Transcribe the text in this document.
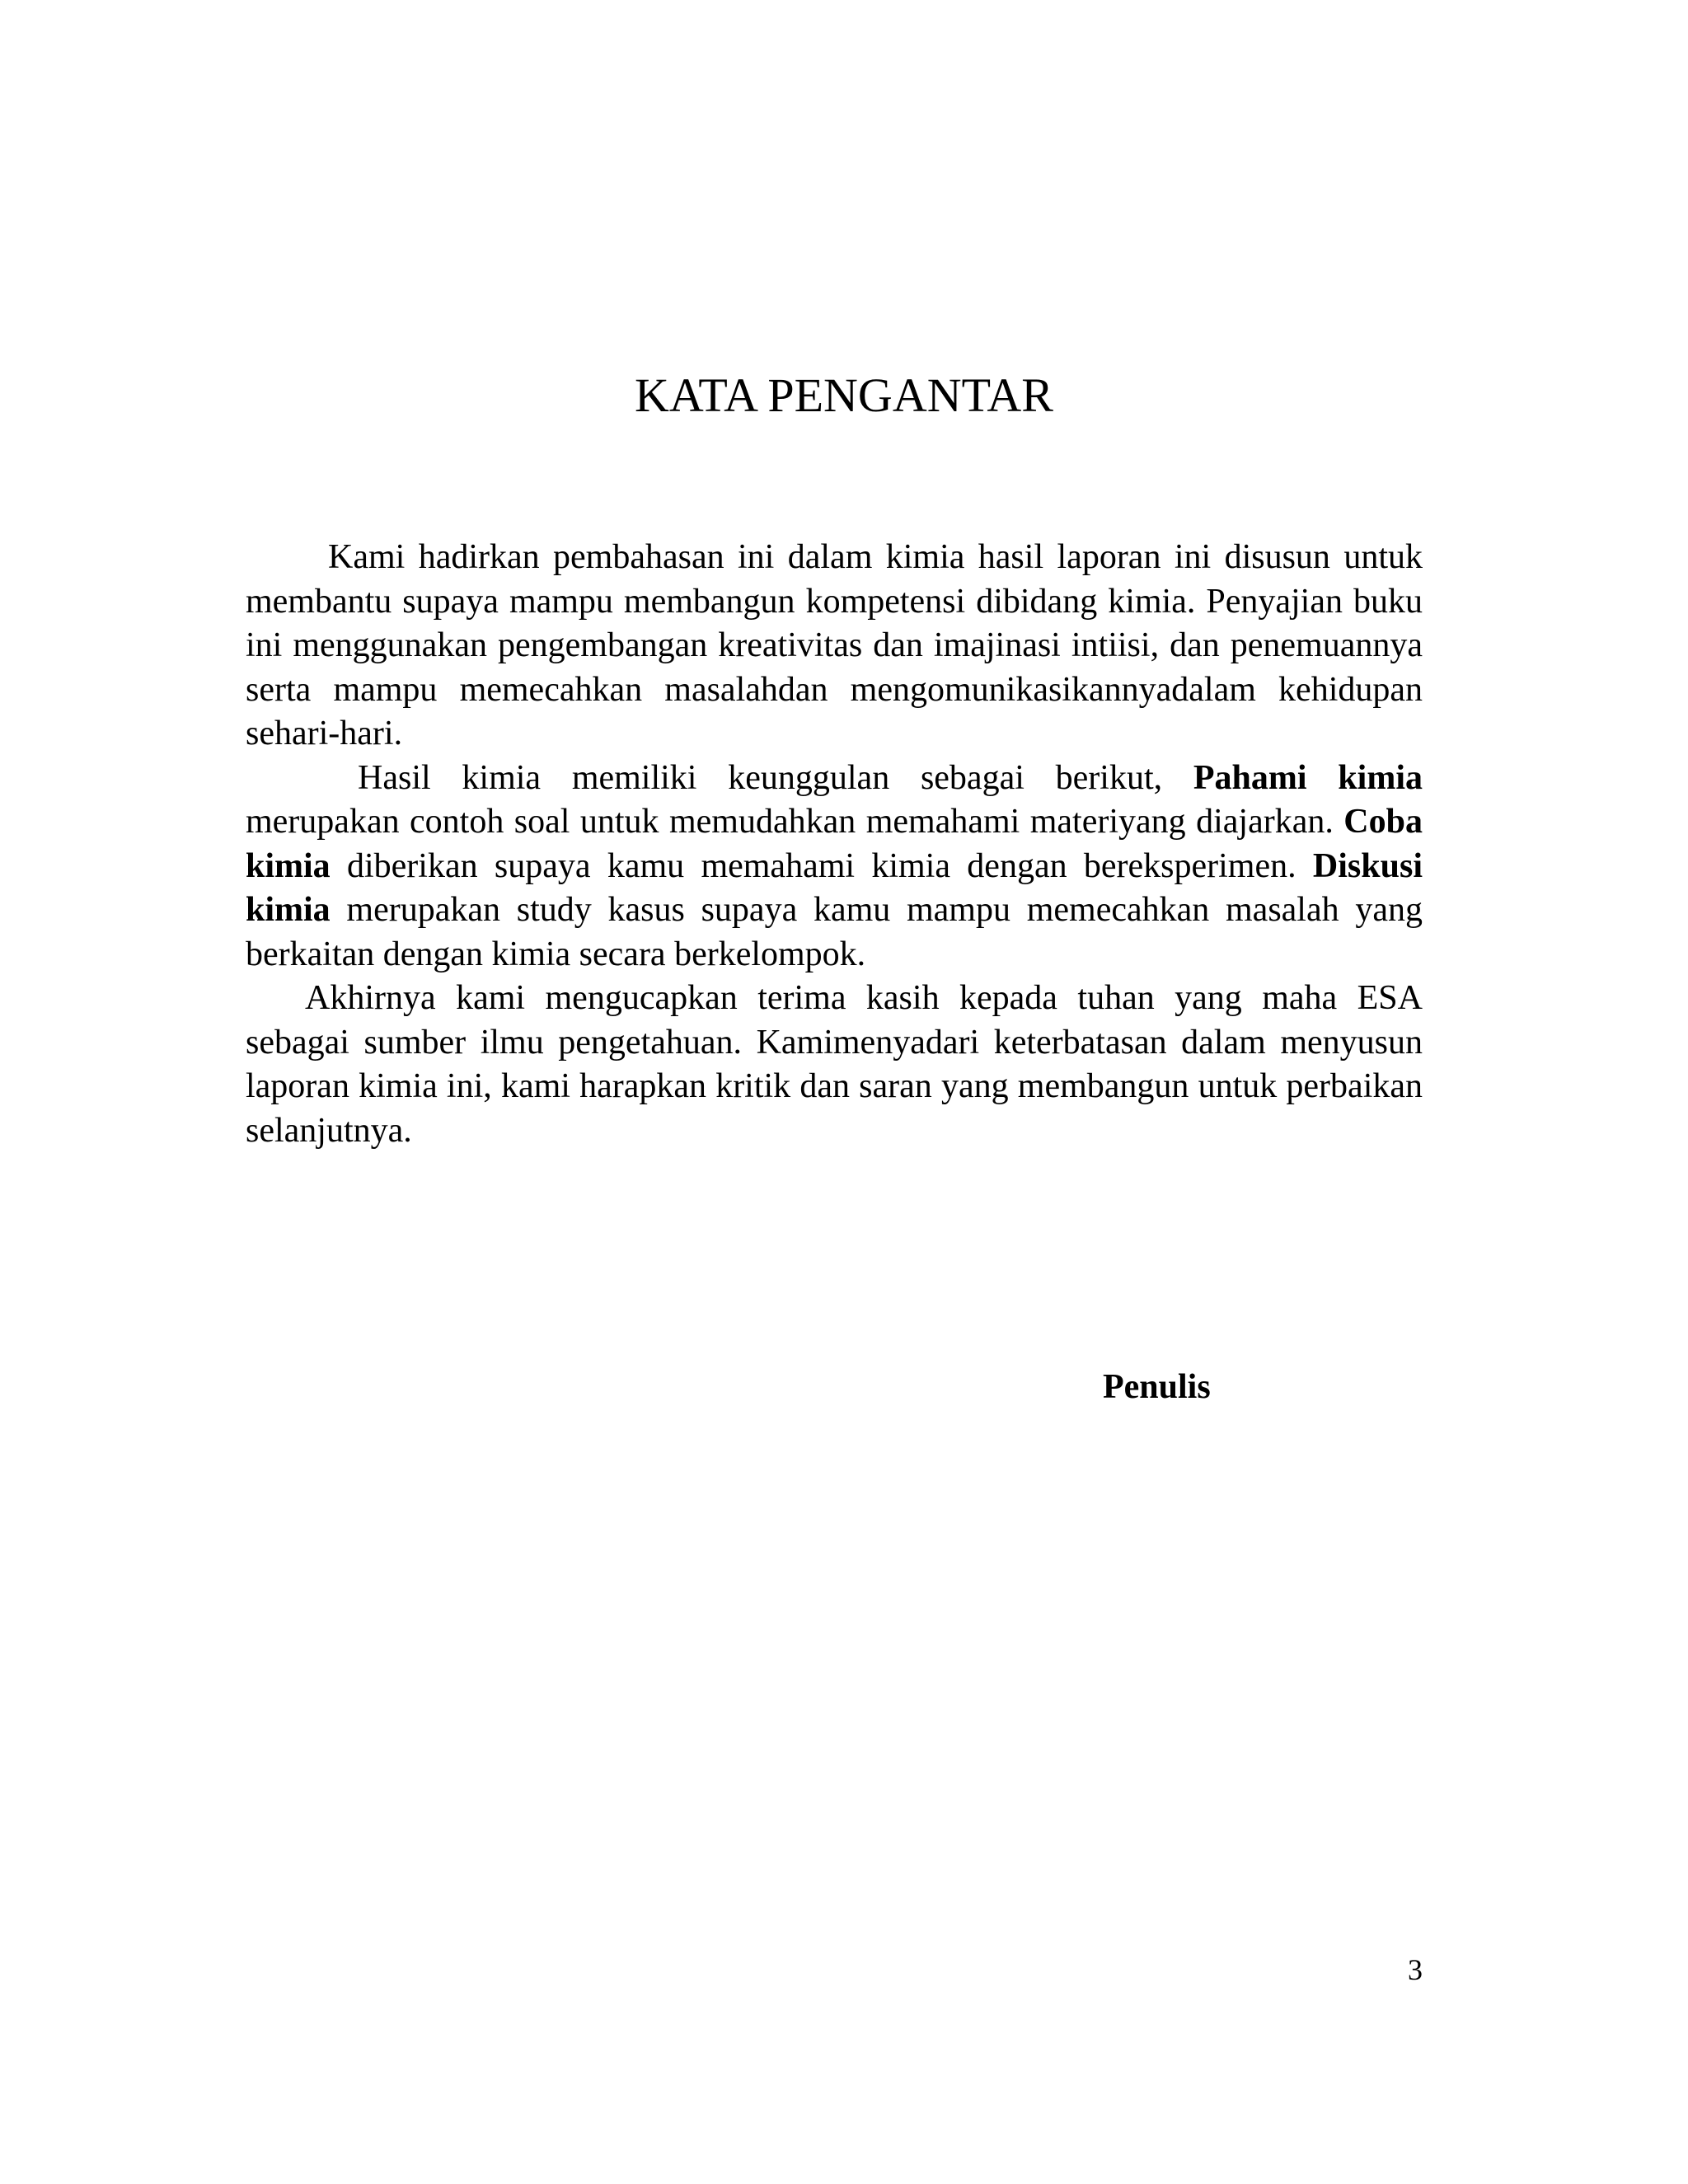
KATA PENGANTAR

Kami hadirkan pembahasan ini dalam kimia hasil laporan ini disusun untuk membantu supaya mampu membangun kompetensi dibidang kimia. Penyajian buku ini menggunakan pengembangan kreativitas dan imajinasi intiisi, dan penemuannya serta mampu memecahkan masalahdan mengomunikasikannyadalam kehidupan sehari-hari.

Hasil kimia memiliki keunggulan sebagai berikut, Pahami kimia merupakan contoh soal untuk memudahkan memahami materiyang diajarkan. Coba kimia diberikan supaya kamu memahami kimia dengan bereksperimen. Diskusi kimia merupakan study kasus supaya kamu mampu memecahkan masalah yang berkaitan dengan kimia secara berkelompok.

Akhirnya kami mengucapkan terima kasih kepada tuhan yang maha ESA sebagai sumber ilmu pengetahuan. Kamimenyadari keterbatasan dalam menyusun laporan kimia ini, kami harapkan kritik dan saran yang membangun untuk perbaikan selanjutnya.

Penulis

3
